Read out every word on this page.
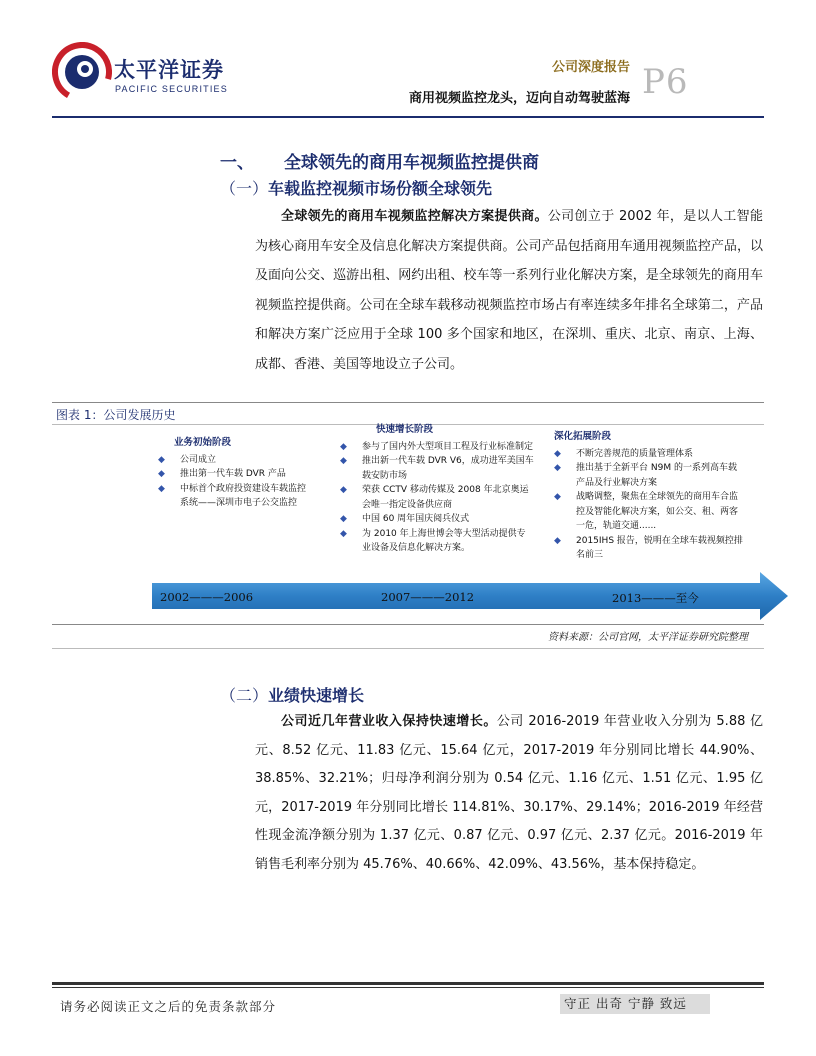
太平洋证券
PACIFIC SECURITIES
公司深度报告
商用视频监控龙头，迈向自动驾驶蓝海 P6
一、 全球领先的商用车视频监控提供商
（一）车载监控视频市场份额全球领先

全球领先的商用车视频监控解决方案提供商。公司创立于 2002 年，是以人工智能为核心商用车安全及信息化解决方案提供商。公司产品包括商用车通用视频监控产品，以及面向公交、巡游出租、网约出租、校车等一系列行业化解决方案，是全球领先的商用车视频监控提供商。公司在全球车载移动视频监控市场占有率连续多年排名全球第二，产品和解决方案广泛应用于全球 100 多个国家和地区，在深圳、重庆、北京、南京、上海、成都、香港、美国等地设立子公司。

图表 1：公司发展历史
业务初始阶段
◆ 公司成立
◆ 推出第一代车载 DVR 产品
◆ 中标首个政府投资建设车载监控系统——深圳市电子公交监控
快速增长阶段
◆ 参与了国内外大型项目工程及行业标准制定
◆ 推出新一代车载 DVR V6，成功进军美国车载安防市场
◆ 荣获 CCTV 移动传媒及 2008 年北京奥运会唯一指定设备供应商
◆ 中国 60 周年国庆阅兵仪式
◆ 为 2010 年上海世博会等大型活动提供专业设备及信息化解决方案。
深化拓展阶段
◆ 不断完善规范的质量管理体系
◆ 推出基于全新平台 N9M 的一系列高车载产品及行业解决方案
◆ 战略调整，聚焦在全球领先的商用车合监控及智能化解决方案，如公交、租、两客一危，轨道交通......
◆ 2015IHS 报告，锐明在全球车载视频控排名前三
2002———2006	2007———2012	2013———至今
资料来源：公司官网，太平洋证券研究院整理
（二）业绩快速增长

公司近几年营业收入保持快速增长。公司 2016-2019 年营业收入分别为 5.88 亿元、8.52 亿元、11.83 亿元、15.64 亿元，2017-2019 年分别同比增长 44.90%、38.85%、32.21%；归母净利润分别为 0.54 亿元、1.16 亿元、1.51 亿元、1.95 亿元，2017-2019 年分别同比增长 114.81%、30.17%、29.14%；2016-2019 年经营性现金流净额分别为 1.37 亿元、0.87 亿元、0.97 亿元、2.37 亿元。2016-2019 年销售毛利率分别为 45.76%、40.66%、42.09%、43.56%，基本保持稳定。

请务必阅读正文之后的免责条款部分	守正 出奇 宁静 致远
